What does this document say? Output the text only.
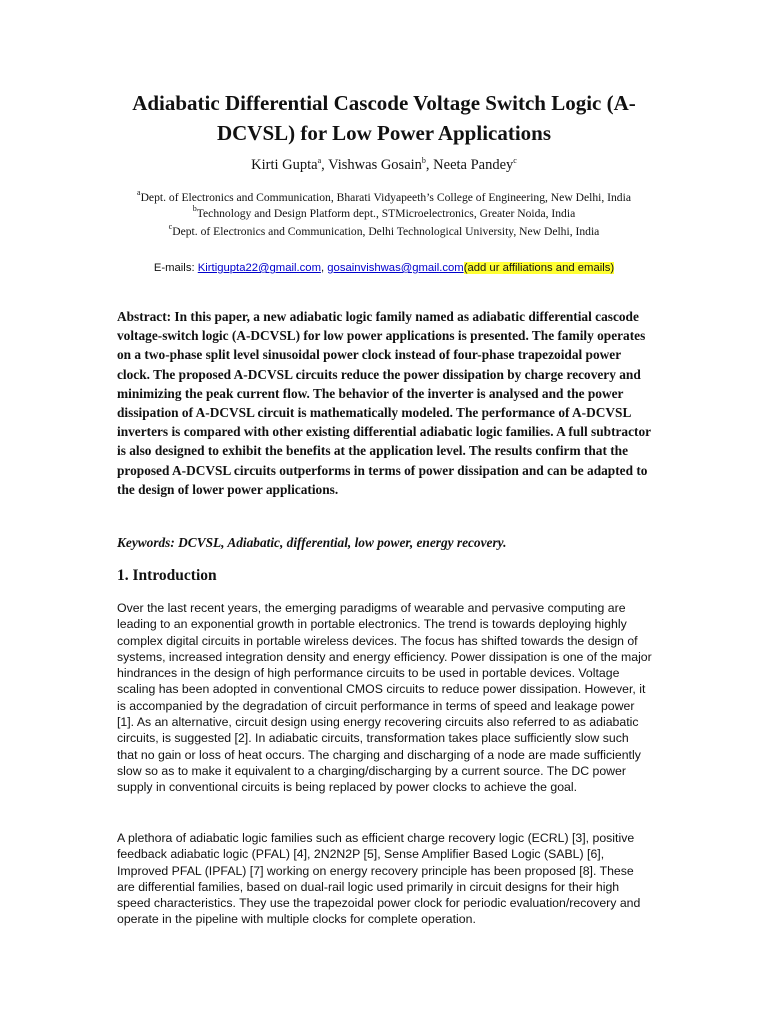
Adiabatic Differential Cascode Voltage Switch Logic (A-DCVSL) for Low Power Applications
Kirti Gupta$^a$, Vishwas Gosain$^b$, Neeta Pandey$^c$
$^a$Dept. of Electronics and Communication, Bharati Vidyapeeth’s College of Engineering, New Delhi, India
$^b$Technology and Design Platform dept., STMicroelectronics, Greater Noida, India
$^c$Dept. of Electronics and Communication, Delhi Technological University, New Delhi, India
E-mails: Kirtigupta22@gmail.com, gosainvishwas@gmail.com(add ur affiliations and emails)

Abstract: In this paper, a new adiabatic logic family named as adiabatic differential cascode voltage-switch logic (A-DCVSL) for low power applications is presented. The family operates on a two-phase split level sinusoidal power clock instead of four-phase trapezoidal power clock. The proposed A-DCVSL circuits reduce the power dissipation by charge recovery and minimizing the peak current flow. The behavior of the inverter is analysed and the power dissipation of A-DCVSL circuit is mathematically modeled. The performance of A-DCVSL inverters is compared with other existing differential adiabatic logic families. A full subtractor is also designed to exhibit the benefits at the application level. The results confirm that the proposed A-DCVSL circuits outperforms in terms of power dissipation and can be adapted to the design of lower power applications.

Keywords: DCVSL, Adiabatic, differential, low power, energy recovery.

1. Introduction

Over the last recent years, the emerging paradigms of wearable and pervasive computing are leading to an exponential growth in portable electronics. The trend is towards deploying highly complex digital circuits in portable wireless devices. The focus has shifted towards the design of systems, increased integration density and energy efficiency. Power dissipation is one of the major hindrances in the design of high performance circuits to be used in portable devices. Voltage scaling has been adopted in conventional CMOS circuits to reduce power dissipation. However, it is accompanied by the degradation of circuit performance in terms of speed and leakage power [1]. As an alternative, circuit design using energy recovering circuits also referred to as adiabatic circuits, is suggested [2]. In adiabatic circuits, transformation takes place sufficiently slow such that no gain or loss of heat occurs. The charging and discharging of a node are made sufficiently slow so as to make it equivalent to a charging/discharging by a current source. The DC power supply in conventional circuits is being replaced by power clocks to achieve the goal.

A plethora of adiabatic logic families such as efficient charge recovery logic (ECRL) [3], positive feedback adiabatic logic (PFAL) [4], 2N2N2P [5], Sense Amplifier Based Logic (SABL) [6], Improved PFAL (IPFAL) [7] working on energy recovery principle has been proposed [8]. These are differential families, based on dual-rail logic used primarily in circuit designs for their high speed characteristics. They use the trapezoidal power clock for periodic evaluation/recovery and operate in the pipeline with multiple clocks for complete operation.
